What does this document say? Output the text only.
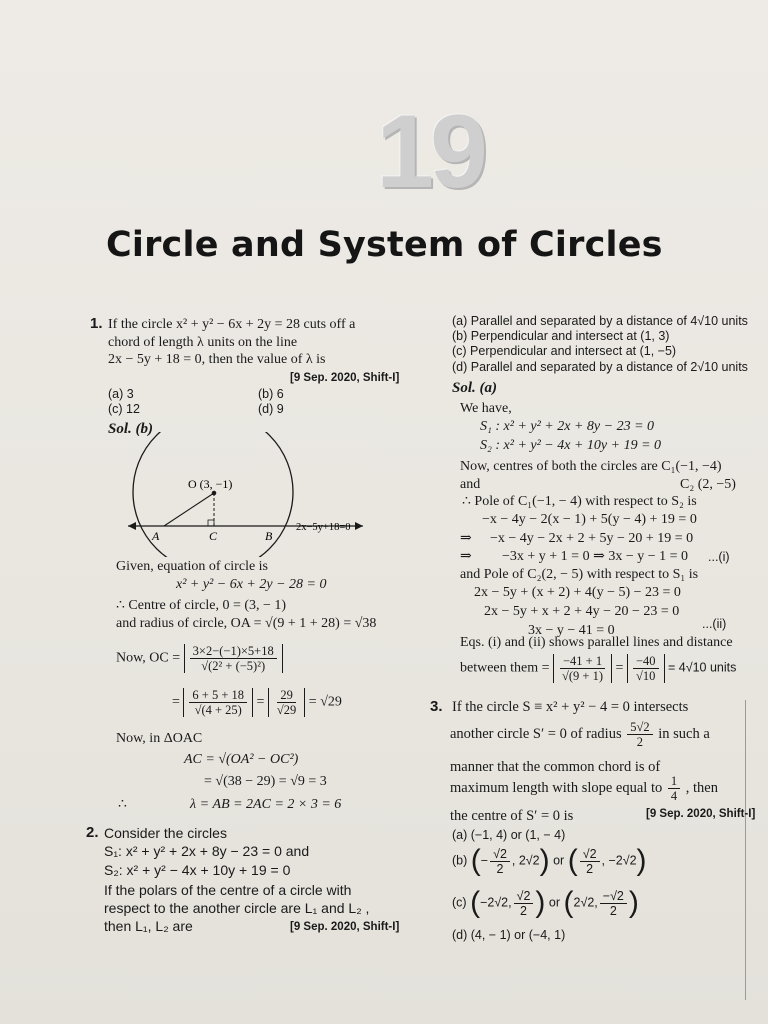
19
Circle and System of Circles
1. If the circle x² + y² − 6x + 2y = 28 cuts off a
chord of length λ units on the line
2x − 5y + 18 = 0, then the value of λ is
[9 Sep. 2020, Shift-I]
(a) 3	(b) 6
(c) 12	(d) 9
Sol. (b)
O (3, −1)
A	C	B
2x−5y+18=0
Given, equation of circle is
x² + y² − 6x + 2y − 28 = 0
∴ Centre of circle, 0 = (3, − 1)
and radius of circle, OA = √(9 + 1 + 28) = √38
Now, OC = $\frac{3\times 2-(-1)\times 5+18}{\text{√(2² + (−5)²)}}$
= $\frac{6 + 5 + 18}{√(4 + 25)} = \frac{29}{√29} = √29$
Now, in ΔOAC
AC = √(OA² − OC²)
= √(38 − 29) = √9 = 3
∴	λ = AB = 2AC = 2 × 3 = 6
2. Consider the circles
S₁: x² + y² + 2x + 8y − 23 = 0 and
S₂: x² + y² − 4x + 10y + 19 = 0
If the polars of the centre of a circle with
respect to the another circle are L₁ and L₂ ,
then L₁, L₂ are	[9 Sep. 2020, Shift-I]
(a) Parallel and separated by a distance of 4√10 units
(b) Perpendicular and intersect at (1, 3)
(c) Perpendicular and intersect at (1, −5)
(d) Parallel and separated by a distance of 2√10 units
Sol. (a)
We have,
S₁ : x² + y² + 2x + 8y − 23 = 0
S₂ : x² + y² − 4x + 10y + 19 = 0
Now, centres of both the circles are C₁(−1, −4)
and	C₂ (2, −5)
∴ Pole of C₁(−1, − 4) with respect to S₂ is
−x − 4y − 2(x − 1) + 5(y − 4) + 19 = 0
⇒ −x − 4y − 2x + 2 + 5y − 20 + 19 = 0
⇒ −3x + y + 1 = 0 ⇒ 3x − y − 1 = 0 ...(i)
and Pole of C₂(2, − 5) with respect to S₁ is
2x − 5y + (x + 2) + 4(y − 5) − 23 = 0
2x − 5y + x + 2 + 4y − 20 − 23 = 0
3x − y − 41 = 0	...(ii)
Eqs. (i) and (ii) shows parallel lines and distance
between them = $\frac{-41 + 1}{√(9 + 1)} = \frac{-40}{√10} = 4√10$ units
3. If the circle S ≡ x² + y² − 4 = 0 intersects
another circle S′ = 0 of radius $\frac{5√2}{2}$ in such a
manner that the common chord is of
maximum length with slope equal to $\frac{1}{4}$ , then
the centre of S′ = 0 is	[9 Sep. 2020, Shift-I]
(a) (−1, 4) or (1, − 4)
(b) (− $\frac{√2}{2}$ , 2√2) or ( $\frac{√2}{2}$ , −2√2)
(c) (−2√2, $\frac{√2}{2}$ ) or (2√2, $\frac{-√2}{2}$ )
(d) (4, − 1) or (−4, 1)
